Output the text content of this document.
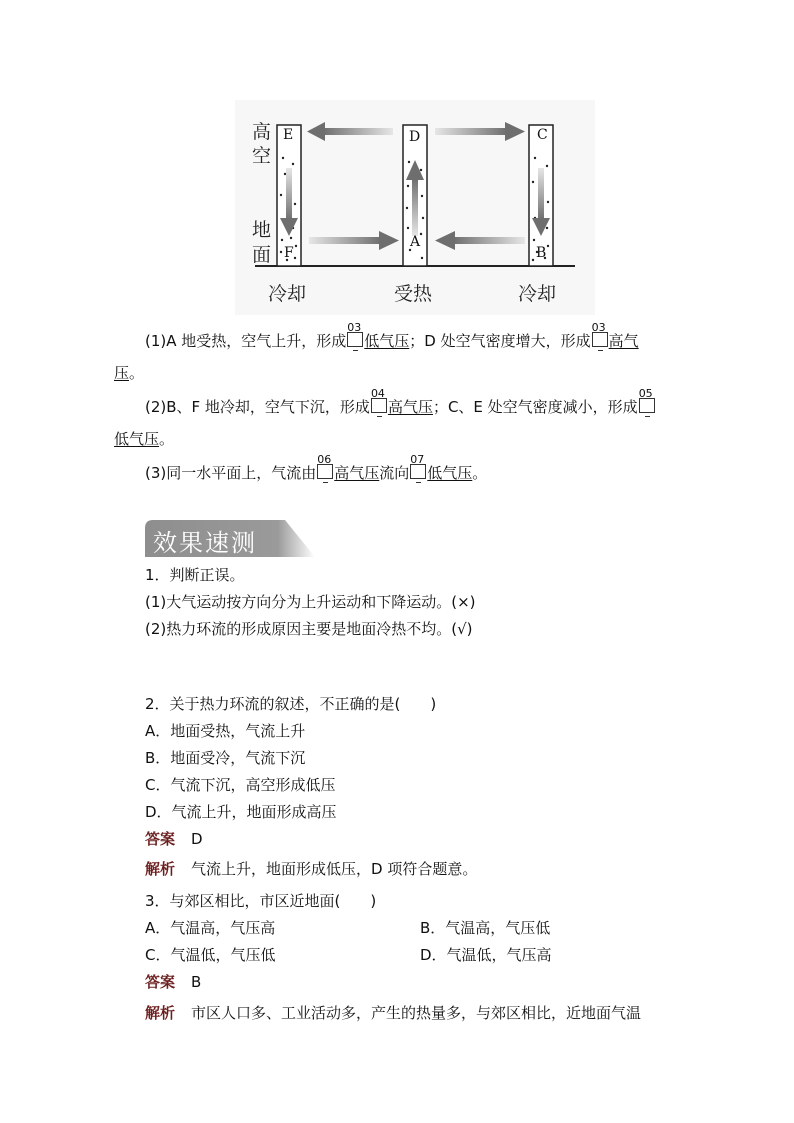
高
空
地
面
E
F
D
A
C
B
冷却	受热	冷却
(1)A 地受热，空气上升，形成
03
低气压；D 处空气密度增大，形成
03
高气
压。
(2)B、F 地冷却，空气下沉，形成
04
高气压；C、E 处空气密度减小，形成
05
低气压。
(3)同一水平面上，气流由
06
高气压流向
07
低气压。
效果速测
1．判断正误。
(1)大气运动按方向分为上升运动和下降运动。(×)
(2)热力环流的形成原因主要是地面冷热不均。(√)
2．关于热力环流的叙述，不正确的是(　　)
A．地面受热，气流上升
B．地面受冷，气流下沉
C．气流下沉，高空形成低压
D．气流上升，地面形成高压
答案 D
解析 气流上升，地面形成低压，D 项符合题意。
3．与郊区相比，市区近地面(　　)
A．气温高，气压高	B．气温高，气压低
C．气温低，气压低	D．气温低，气压高
答案 B
解析 市区人口多、工业活动多，产生的热量多，与郊区相比，近地面气温
